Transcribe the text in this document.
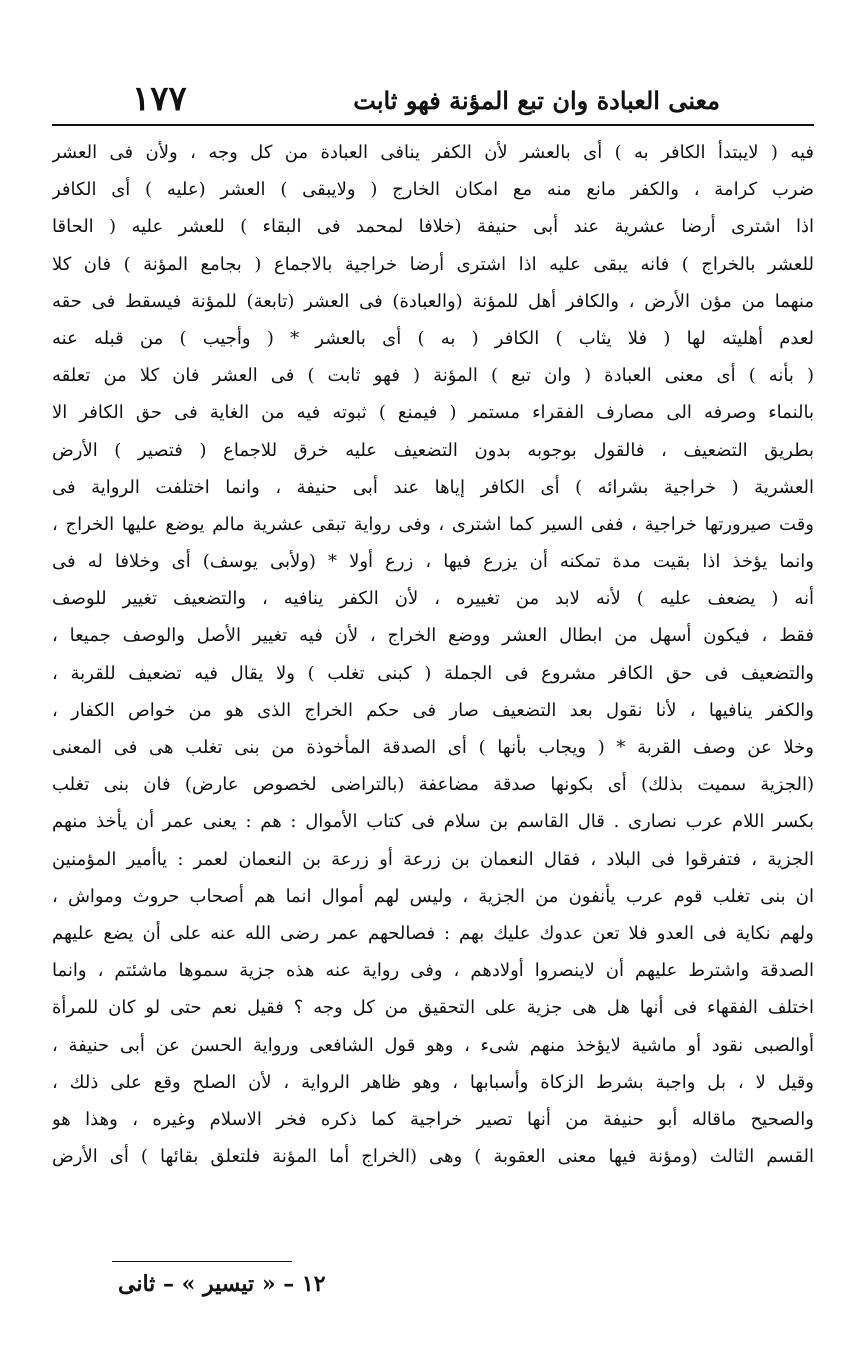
١٧٧	معنى العبادة وان تبع المؤنة فهو ثابت
فيه ( لايبتدأ الكافر به ) أى بالعشر لأن الكفر ينافى العبادة من كل وجه ، ولأن فى العشر
ضرب كرامة ، والكفر مانع منه مع امكان الخارج ( ولايبقى ) العشر (عليه ) أى الكافر
اذا اشترى أرضا عشرية عند أبى حنيفة (خلافا لمحمد فى البقاء ) للعشر عليه ( الحاقا
للعشر بالخراج ) فانه يبقى عليه اذا اشترى أرضا خراجية بالاجماع ( بجامع المؤنة ) فان كلا
منهما من مؤن الأرض ، والكافر أهل للمؤنة (والعبادة) فى العشر (تابعة) للمؤنة فيسقط فى حقه
لعدم أهليته لها ( فلا يثاب ) الكافر ( به ) أى بالعشر * ( وأجيب ) من قبله عنه
( بأنه ) أى معنى العبادة ( وان تبع ) المؤنة ( فهو ثابت ) فى العشر فان كلا من تعلقه
بالنماء وصرفه الى مصارف الفقراء مستمر ( فيمنع ) ثبوته فيه من الغاية فى حق الكافر الا
بطريق التضعيف ، فالقول بوجوبه بدون التضعيف عليه خرق للاجماع ( فتصير ) الأرض
العشرية ( خراجية بشرائه ) أى الكافر إياها عند أبى حنيفة ، وانما اختلفت الرواية فى
وقت صيرورتها خراجية ، ففى السير كما اشترى ، وفى رواية تبقى عشرية مالم يوضع عليها الخراج ،
وانما يؤخذ اذا بقيت مدة تمكنه أن يزرع فيها ، زرع أولا * (ولأبى يوسف) أى وخلافا له فى
أنه ( يضعف عليه ) لأنه لابد من تغييره ، لأن الكفر ينافيه ، والتضعيف تغيير للوصف
فقط ، فيكون أسهل من ابطال العشر ووضع الخراج ، لأن فيه تغيير الأصل والوصف جميعا ،
والتضعيف فى حق الكافر مشروع فى الجملة ( كبنى تغلب ) ولا يقال فيه تضعيف للقربة ،
والكفر ينافيها ، لأنا نقول بعد التضعيف صار فى حكم الخراج الذى هو من خواص الكفار ،
وخلا عن وصف القربة * ( ويجاب بأنها ) أى الصدقة المأخوذة من بنى تغلب هى فى المعنى
(الجزية سميت بذلك) أى بكونها صدقة مضاعفة (بالتراضى لخصوص عارض) فان بنى تغلب
بكسر اللام عرب نصارى . قال القاسم بن سلام فى كتاب الأموال : هم : يعنى عمر أن يأخذ منهم
الجزية ، فتفرقوا فى البلاد ، فقال النعمان بن زرعة أو زرعة بن النعمان لعمر : ياأمير المؤمنين
ان بنى تغلب قوم عرب يأنفون من الجزية ، وليس لهم أموال انما هم أصحاب حروث ومواش ،
ولهم نكاية فى العدو فلا تعن عدوك عليك بهم : فصالحهم عمر رضى الله عنه على أن يضع عليهم
الصدقة واشترط عليهم أن لاينصروا أولادهم ، وفى رواية عنه هذه جزية سموها ماشئتم ، وانما
اختلف الفقهاء فى أنها هل هى جزية على التحقيق من كل وجه ؟ فقيل نعم حتى لو كان للمرأة
أوالصبى نقود أو ماشية لايؤخذ منهم شىء ، وهو قول الشافعى ورواية الحسن عن أبى حنيفة ،
وقيل لا ، بل واجبة بشرط الزكاة وأسبابها ، وهو ظاهر الرواية ، لأن الصلح وقع على ذلك ،
والصحيح ماقاله أبو حنيفة من أنها تصير خراجية كما ذكره فخر الاسلام وغيره ، وهذا هو
القسم الثالث (ومؤنة فيها معنى العقوبة ) وهى (الخراج أما المؤنة فلتعلق بقائها ) أى الأرض
١٢ – « تيسير » – ثانى
